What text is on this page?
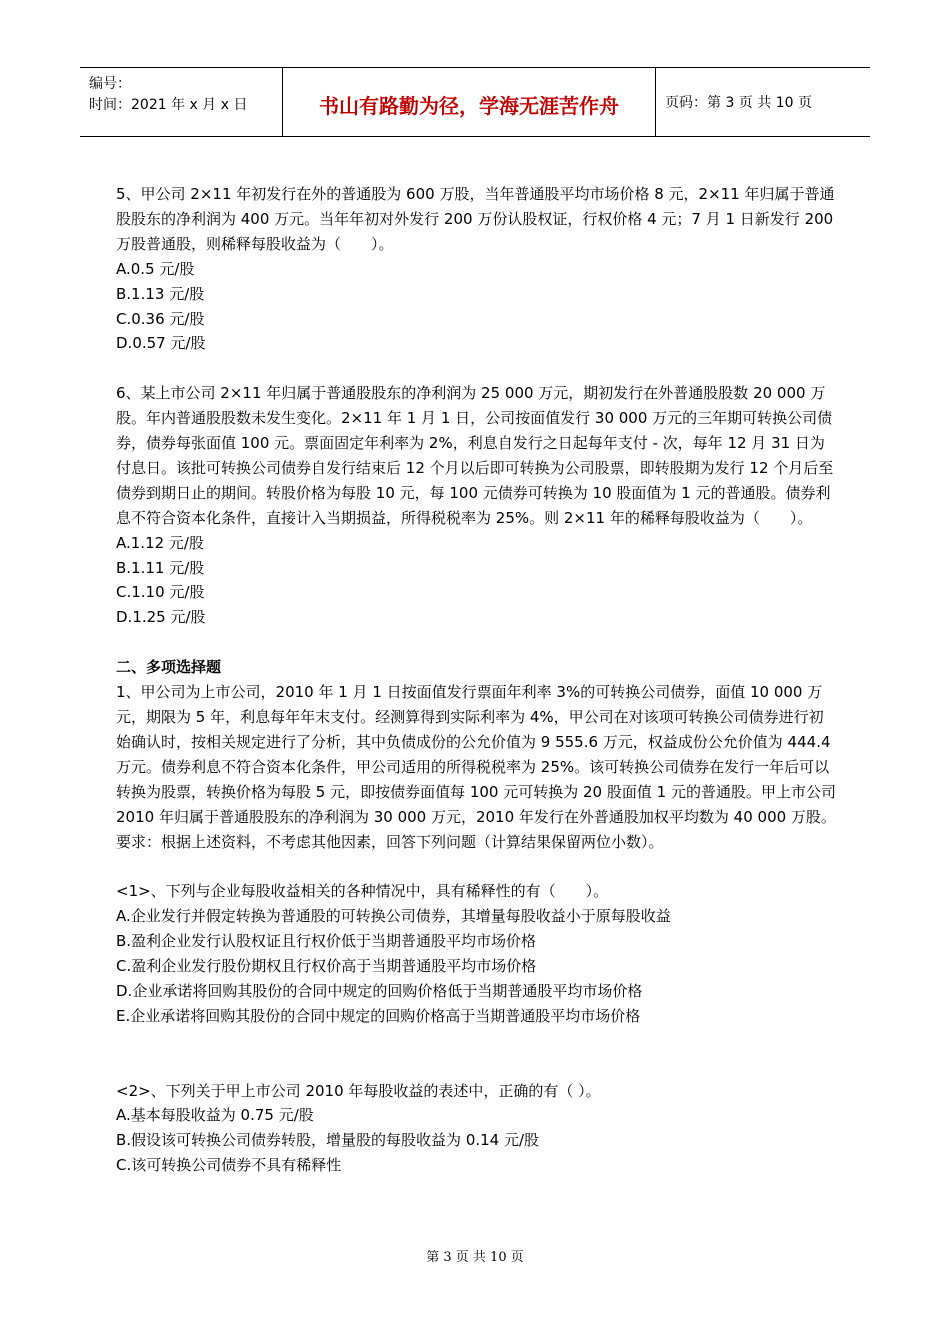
编号：
时间：2021 年 x 月 x 日	书山有路勤为径，学海无涯苦作舟	页码：第 3 页 共 10 页

5、甲公司 2×11 年初发行在外的普通股为 600 万股，当年普通股平均市场价格 8 元，2×11 年归属于普通股股东的净利润为 400 万元。当年年初对外发行 200 万份认股权证，行权价格 4 元；7 月 1 日新发行 200 万股普通股，则稀释每股收益为（　　）。

A.0.5 元/股

B.1.13 元/股

C.0.36 元/股

D.0.57 元/股

6、某上市公司 2×11 年归属于普通股股东的净利润为 25 000 万元，期初发行在外普通股股数 20 000 万股。年内普通股股数未发生变化。2×11 年 1 月 1 日，公司按面值发行 30 000 万元的三年期可转换公司债券，债券每张面值 100 元。票面固定年利率为 2%，利息自发行之日起每年支付 - 次，每年 12 月 31 日为付息日。该批可转换公司债券自发行结束后 12 个月以后即可转换为公司股票，即转股期为发行 12 个月后至债券到期日止的期间。转股价格为每股 10 元，每 100 元债券可转换为 10 股面值为 1 元的普通股。债券利息不符合资本化条件，直接计入当期损益，所得税税率为 25%。则 2×11 年的稀释每股收益为（　　）。

A.1.12 元/股

B.1.11 元/股

C.1.10 元/股

D.1.25 元/股

二、多项选择题

1、甲公司为上市公司，2010 年 1 月 1 日按面值发行票面年利率 3%的可转换公司债券，面值 10 000 万元，期限为 5 年，利息每年年末支付。经测算得到实际利率为 4%，甲公司在对该项可转换公司债券进行初始确认时，按相关规定进行了分析，其中负债成份的公允价值为 9 555.6 万元，权益成份公允价值为 444.4 万元。债券利息不符合资本化条件，甲公司适用的所得税税率为 25%。该可转换公司债券在发行一年后可以转换为股票，转换价格为每股 5 元，即按债券面值每 100 元可转换为 20 股面值 1 元的普通股。甲上市公司 2010 年归属于普通股股东的净利润为 30 000 万元，2010 年发行在外普通股加权平均数为 40 000 万股。

要求：根据上述资料，不考虑其他因素，回答下列问题（计算结果保留两位小数）。

<1>、下列与企业每股收益相关的各种情况中，具有稀释性的有（　　）。

A.企业发行并假定转换为普通股的可转换公司债券，其增量每股收益小于原每股收益

B.盈利企业发行认股权证且行权价低于当期普通股平均市场价格

C.盈利企业发行股份期权且行权价高于当期普通股平均市场价格

D.企业承诺将回购其股份的合同中规定的回购价格低于当期普通股平均市场价格

E.企业承诺将回购其股份的合同中规定的回购价格高于当期普通股平均市场价格

<2>、下列关于甲上市公司 2010 年每股收益的表述中，正确的有（ ）。

A.基本每股收益为 0.75 元/股

B.假设该可转换公司债券转股，增量股的每股收益为 0.14 元/股

C.该可转换公司债券不具有稀释性

第 3 页 共 10 页
